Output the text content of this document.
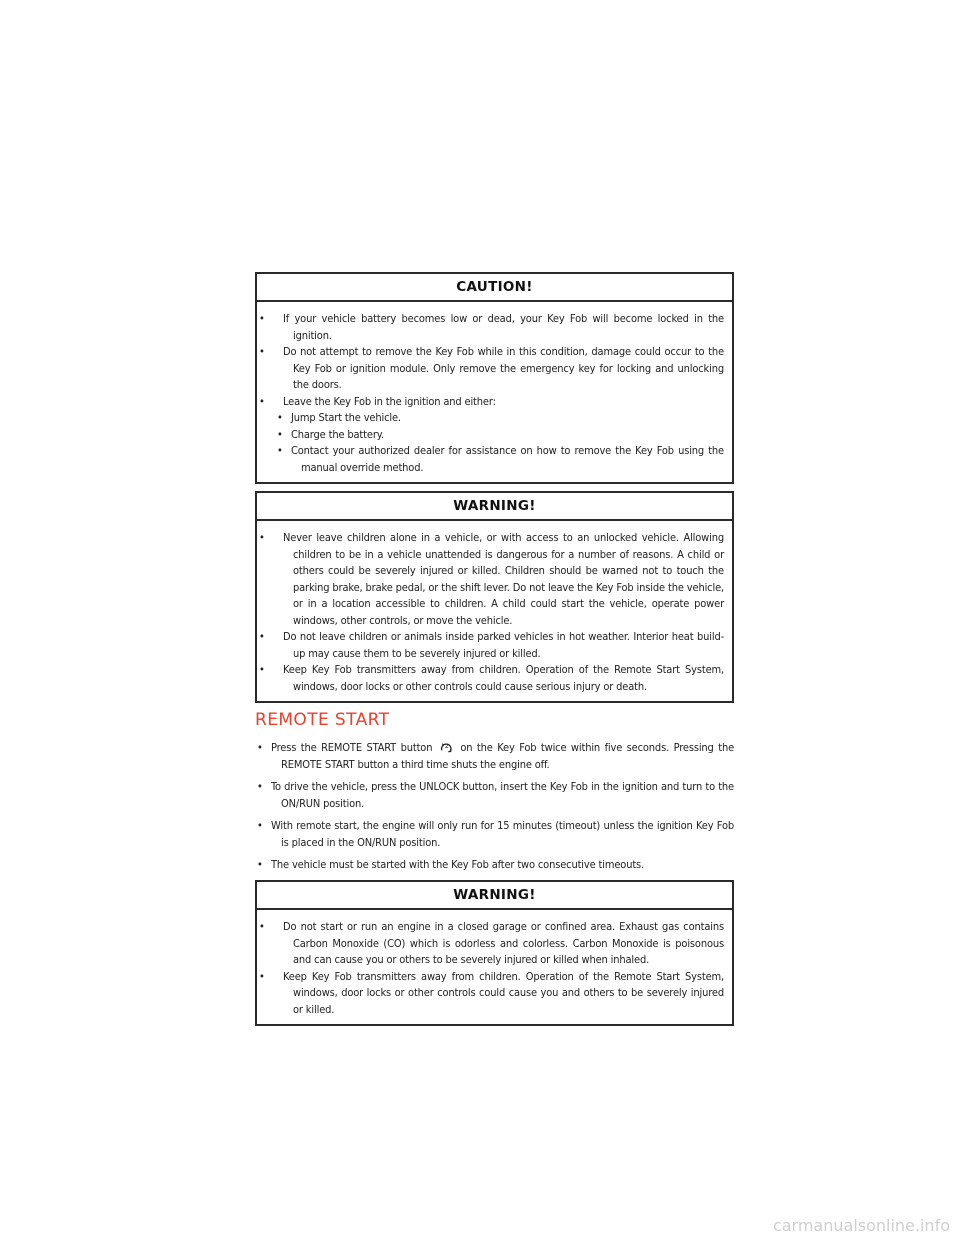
CAUTION!
• If your vehicle battery becomes low or dead, your Key Fob will become locked in the ignition.
• Do not attempt to remove the Key Fob while in this condition, damage could occur to the Key Fob or ignition module. Only remove the emergency key for locking and unlocking the doors.
• Leave the Key Fob in the ignition and either:
• Jump Start the vehicle.
• Charge the battery.
• Contact your authorized dealer for assistance on how to remove the Key Fob using the manual override method.
WARNING!
• Never leave children alone in a vehicle, or with access to an unlocked vehicle. Allowing children to be in a vehicle unattended is dangerous for a number of reasons. A child or others could be severely injured or killed. Children should be warned not to touch the parking brake, brake pedal, or the shift lever. Do not leave the Key Fob inside the vehicle, or in a location accessible to children. A child could start the vehicle, operate power windows, other controls, or move the vehicle.
• Do not leave children or animals inside parked vehicles in hot weather. Interior heat build-up may cause them to be severely injured or killed.
• Keep Key Fob transmitters away from children. Operation of the Remote Start System, windows, door locks or other controls could cause serious injury or death.
REMOTE START
• Press the REMOTE START button 2 on the Key Fob twice within five seconds. Pressing the REMOTE START button a third time shuts the engine off.
• To drive the vehicle, press the UNLOCK button, insert the Key Fob in the ignition and turn to the ON/RUN position.
• With remote start, the engine will only run for 15 minutes (timeout) unless the ignition Key Fob is placed in the ON/RUN position.
• The vehicle must be started with the Key Fob after two consecutive timeouts.
WARNING!
• Do not start or run an engine in a closed garage or confined area. Exhaust gas contains Carbon Monoxide (CO) which is odorless and colorless. Carbon Monoxide is poisonous and can cause you or others to be severely injured or killed when inhaled.
• Keep Key Fob transmitters away from children. Operation of the Remote Start System, windows, door locks or other controls could cause you and others to be severely injured or killed.
carmanualsonline.info
